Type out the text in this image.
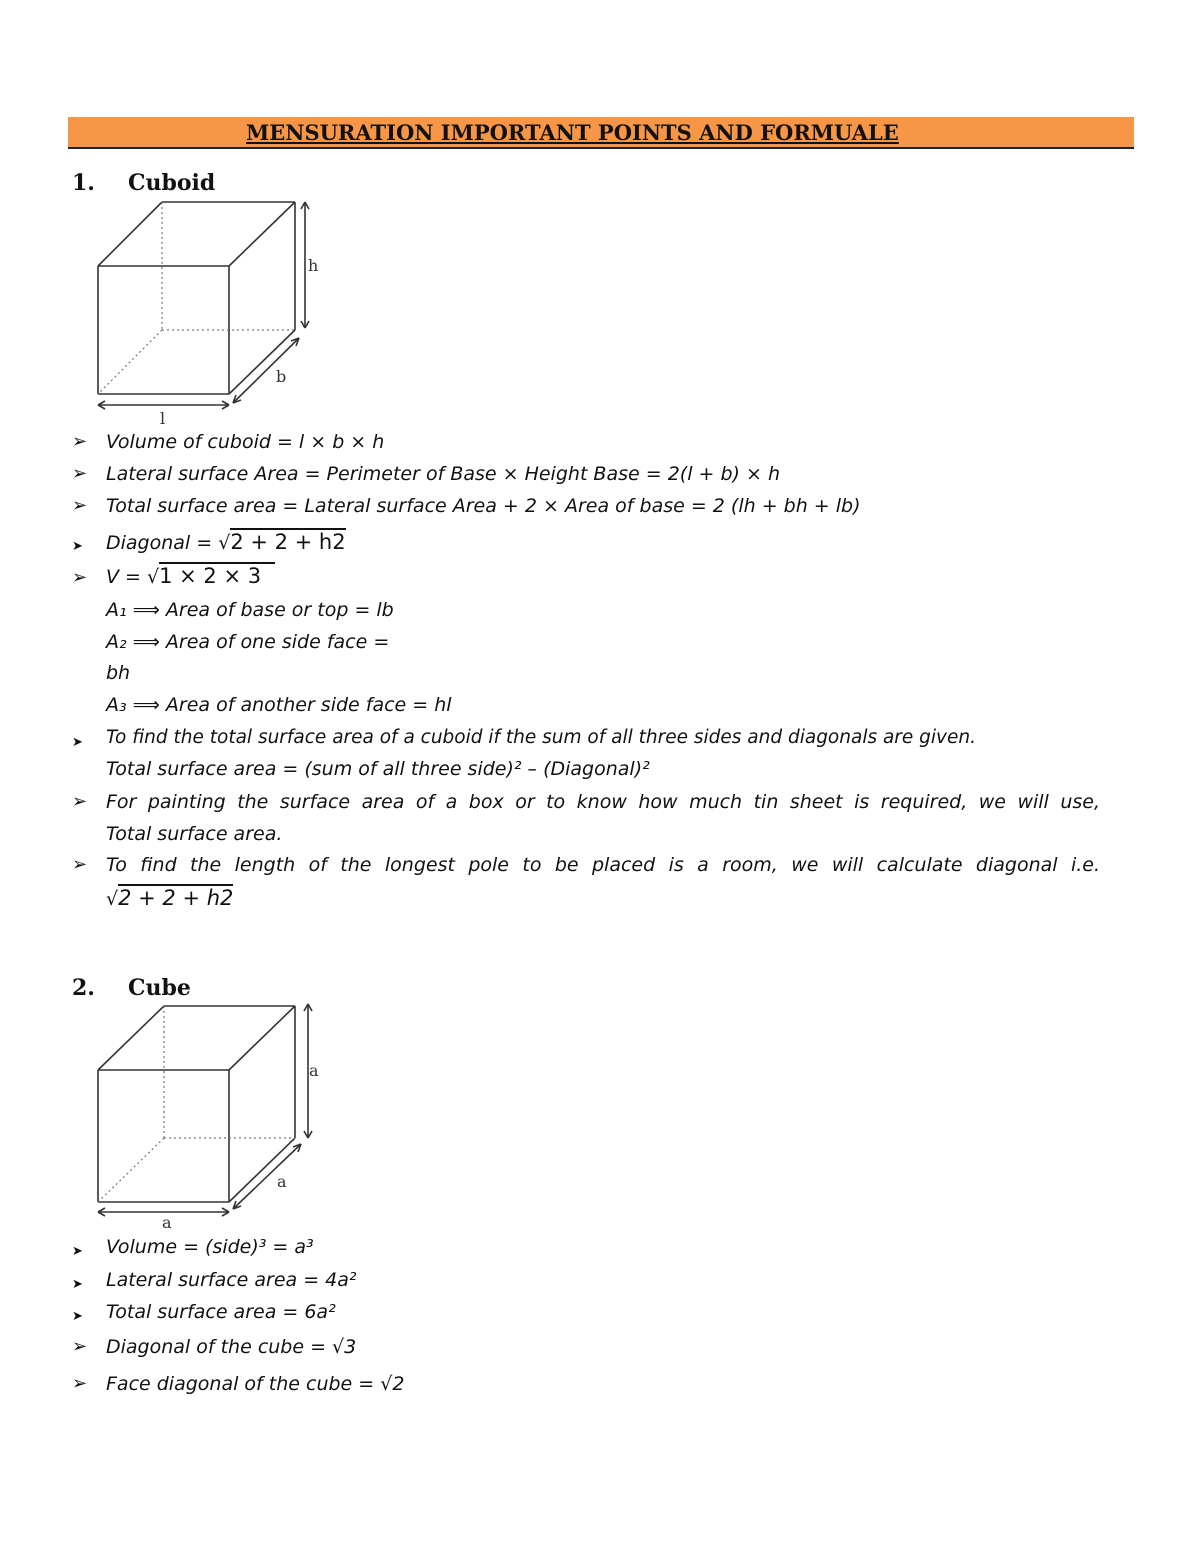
MENSURATION IMPORTANT POINTS AND FORMUALE
1. Cuboid
h
b
l
➢ Volume of cuboid = l × b × h
➢ Lateral surface Area = Perimeter of Base × Height Base = 2(l + b) × h
➢ Total surface area = Lateral surface Area + 2 × Area of base = 2 (lh + bh + lb)
➤ Diagonal = √2 + 2 + h2
➢ V = √1 × 2 × 3
A₁ ⟹ Area of base or top = lb
A₂ ⟹ Area of one side face =
bh
A₃ ⟹ Area of another side face = hl
➤ To find the total surface area of a cuboid if the sum of all three sides and diagonals are given.
Total surface area = (sum of all three side)² – (Diagonal)²
➢ For painting the surface area of a box or to know how much tin sheet is required, we will use,
Total surface area.
➢ To find the length of the longest pole to be placed is a room, we will calculate diagonal i.e.
√2 + 2 + h2
2. Cube
a
a
a
➤ Volume = (side)³ = a³
➤ Lateral surface area = 4a²
➤ Total surface area = 6a²
➢ Diagonal of the cube = √3
➢ Face diagonal of the cube = √2
